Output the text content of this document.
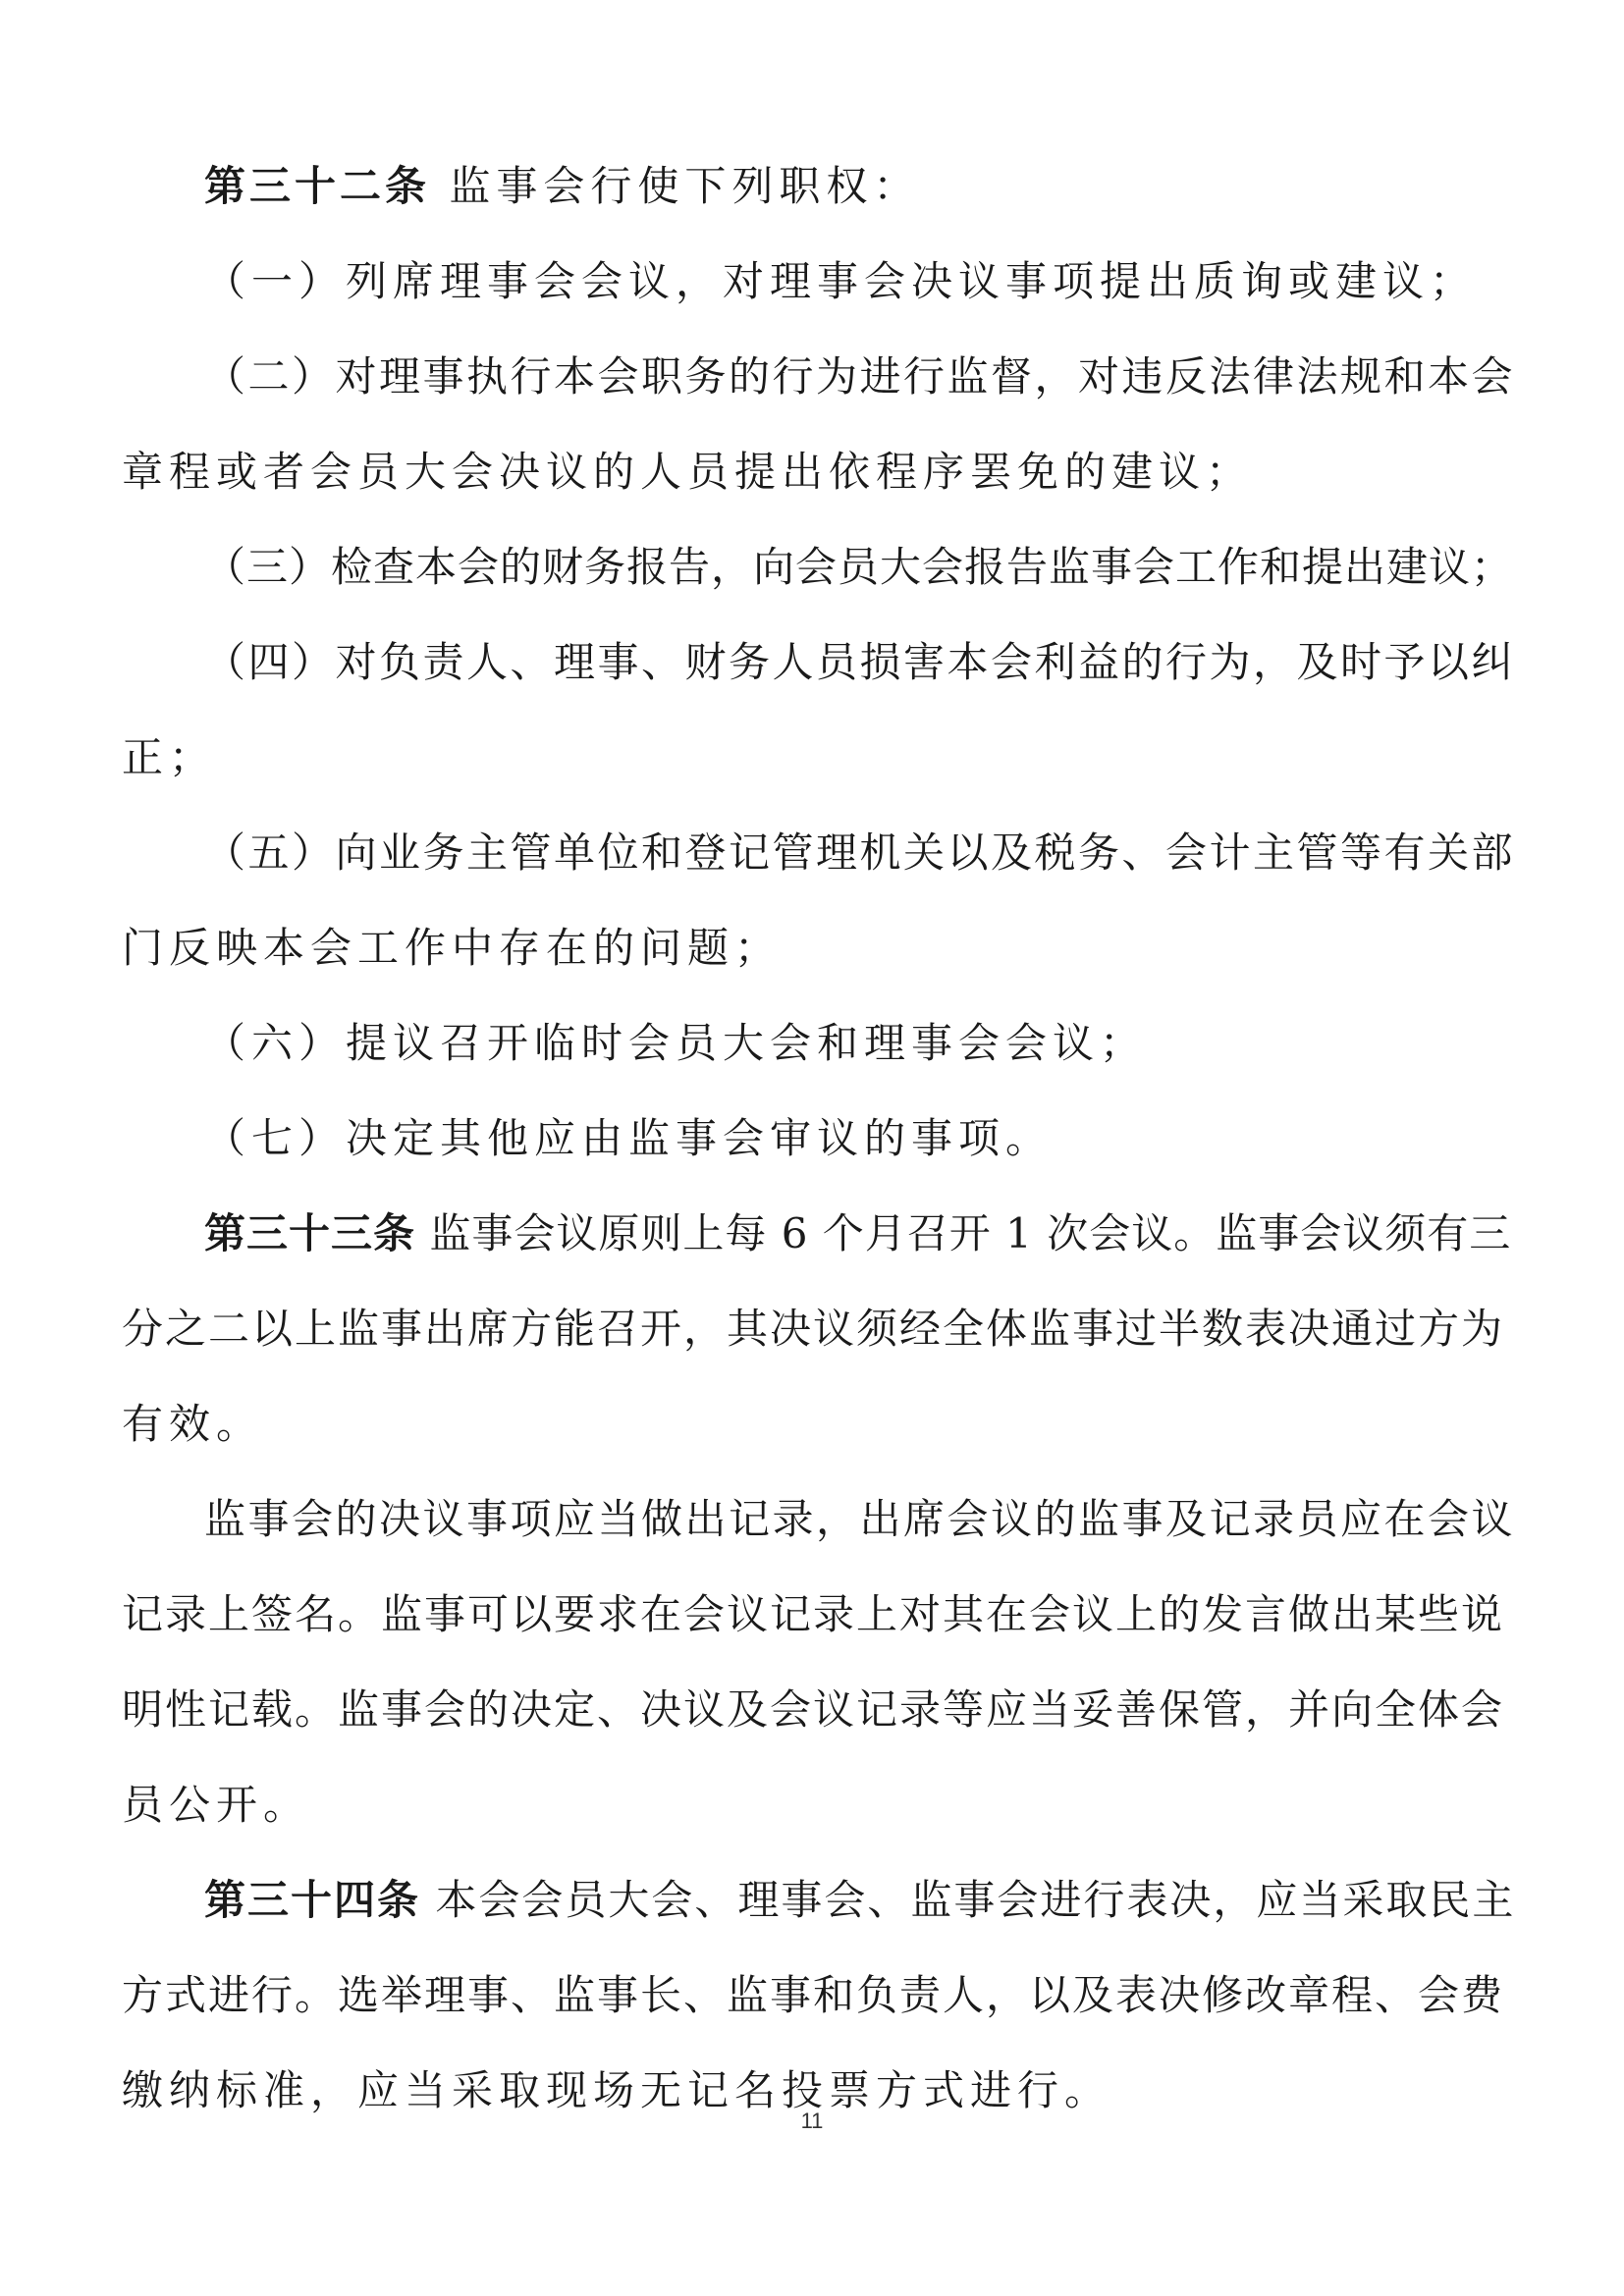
第三十二条 监事会行使下列职权：
（一）列席理事会会议，对理事会决议事项提出质询或建议；
（二）对理事执行本会职务的行为进行监督，对违反法律法规和本会
章程或者会员大会决议的人员提出依程序罢免的建议；
（三）检查本会的财务报告，向会员大会报告监事会工作和提出建议；
（四）对负责人、理事、财务人员损害本会利益的行为，及时予以纠
正；
（五）向业务主管单位和登记管理机关以及税务、会计主管等有关部
门反映本会工作中存在的问题；
（六）提议召开临时会员大会和理事会会议；
（七）决定其他应由监事会审议的事项。
第三十三条 监事会议原则上每 6 个月召开 1 次会议。监事会议须有三
分之二以上监事出席方能召开，其决议须经全体监事过半数表决通过方为
有效。
监事会的决议事项应当做出记录，出席会议的监事及记录员应在会议
记录上签名。监事可以要求在会议记录上对其在会议上的发言做出某些说
明性记载。监事会的决定、决议及会议记录等应当妥善保管，并向全体会
员公开。
第三十四条 本会会员大会、理事会、监事会进行表决，应当采取民主
方式进行。选举理事、监事长、监事和负责人，以及表决修改章程、会费
缴纳标准，应当采取现场无记名投票方式进行。
11
